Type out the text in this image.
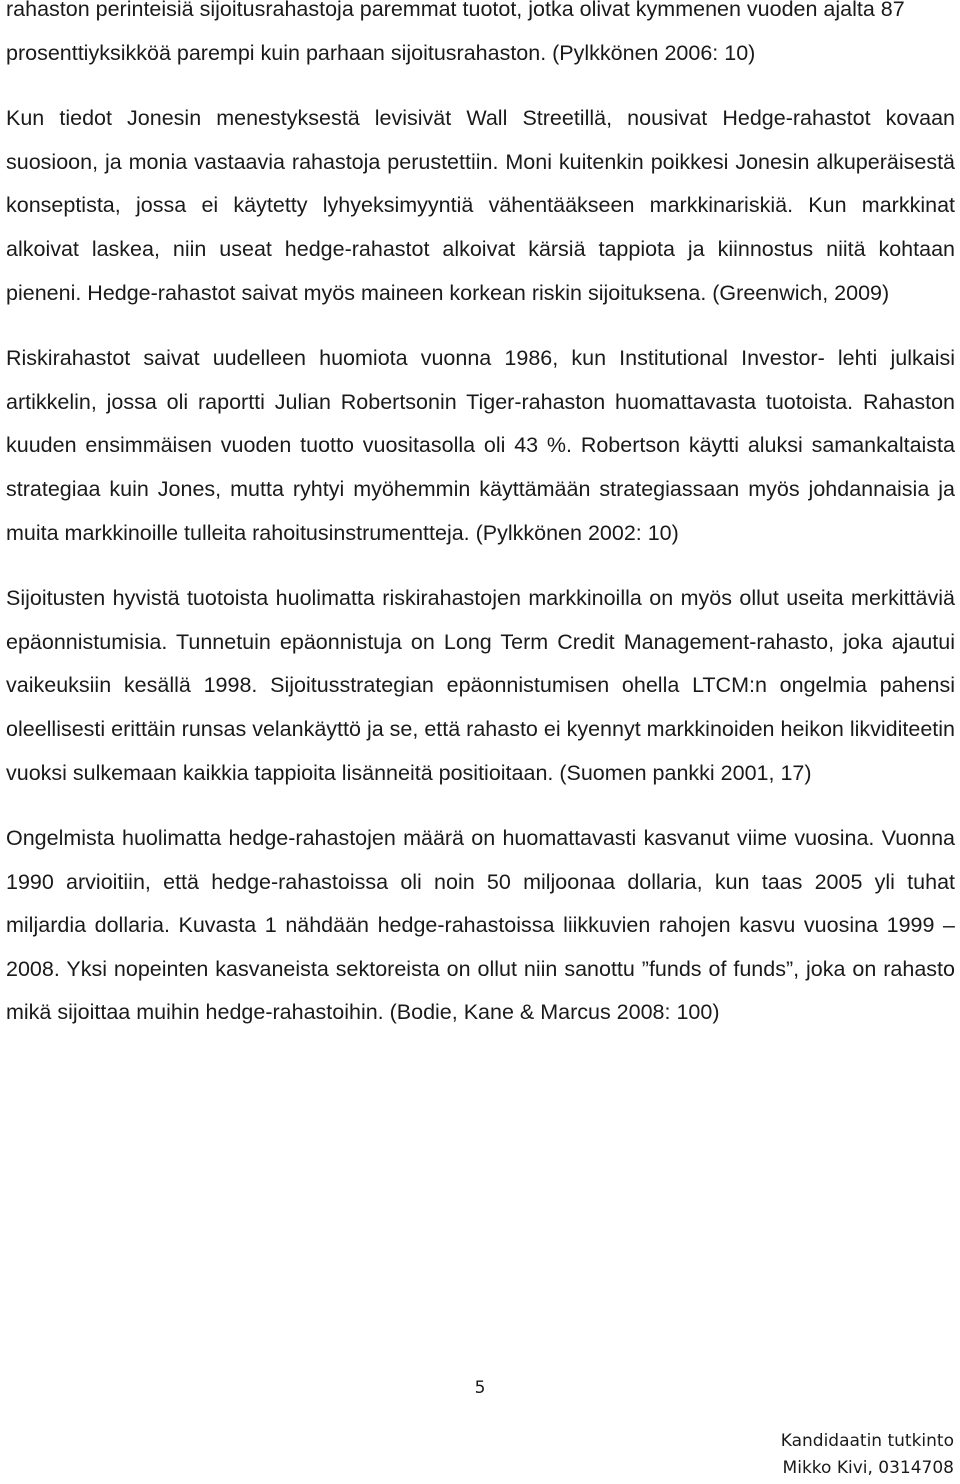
rahaston perinteisiä sijoitusrahastoja paremmat tuotot, jotka olivat kymmenen vuoden ajalta 87 prosenttiyksikköä parempi kuin parhaan sijoitusrahaston. (Pylkkönen 2006: 10)

Kun tiedot Jonesin menestyksestä levisivät Wall Streetillä, nousivat Hedge-rahastot kovaan suosioon, ja monia vastaavia rahastoja perustettiin. Moni kuitenkin poikkesi Jonesin alkuperäisestä konseptista, jossa ei käytetty lyhyeksimyyntiä vähentääkseen markkinariskiä. Kun markkinat alkoivat laskea, niin useat hedge-rahastot alkoivat kärsiä tappiota ja kiinnostus niitä kohtaan pieneni. Hedge-rahastot saivat myös maineen korkean riskin sijoituksena. (Greenwich, 2009)

Riskirahastot saivat uudelleen huomiota vuonna 1986, kun Institutional Investor- lehti julkaisi artikkelin, jossa oli raportti Julian Robertsonin Tiger-rahaston huomattavasta tuotoista. Rahaston kuuden ensimmäisen vuoden tuotto vuositasolla oli 43 %. Robertson käytti aluksi samankaltaista strategiaa kuin Jones, mutta ryhtyi myöhemmin käyttämään strategiassaan myös johdannaisia ja muita markkinoille tulleita rahoitusinstrumentteja. (Pylkkönen 2002: 10)

Sijoitusten hyvistä tuotoista huolimatta riskirahastojen markkinoilla on myös ollut useita merkittäviä epäonnistumisia. Tunnetuin epäonnistuja on Long Term Credit Management-rahasto, joka ajautui vaikeuksiin kesällä 1998. Sijoitusstrategian epäonnistumisen ohella LTCM:n ongelmia pahensi oleellisesti erittäin runsas velankäyttö ja se, että rahasto ei kyennyt markkinoiden heikon likviditeetin vuoksi sulkemaan kaikkia tappioita lisänneitä positioitaan. (Suomen pankki 2001, 17)

Ongelmista huolimatta hedge-rahastojen määrä on huomattavasti kasvanut viime vuosina. Vuonna 1990 arvioitiin, että hedge-rahastoissa oli noin 50 miljoonaa dollaria, kun taas 2005 yli tuhat miljardia dollaria. Kuvasta 1 nähdään hedge-rahastoissa liikkuvien rahojen kasvu vuosina 1999 – 2008. Yksi nopeinten kasvaneista sektoreista on ollut niin sanottu ”funds of funds”, joka on rahasto mikä sijoittaa muihin hedge-rahastoihin. (Bodie, Kane & Marcus 2008: 100)

5
Kandidaatin tutkinto
Mikko Kivi, 0314708
